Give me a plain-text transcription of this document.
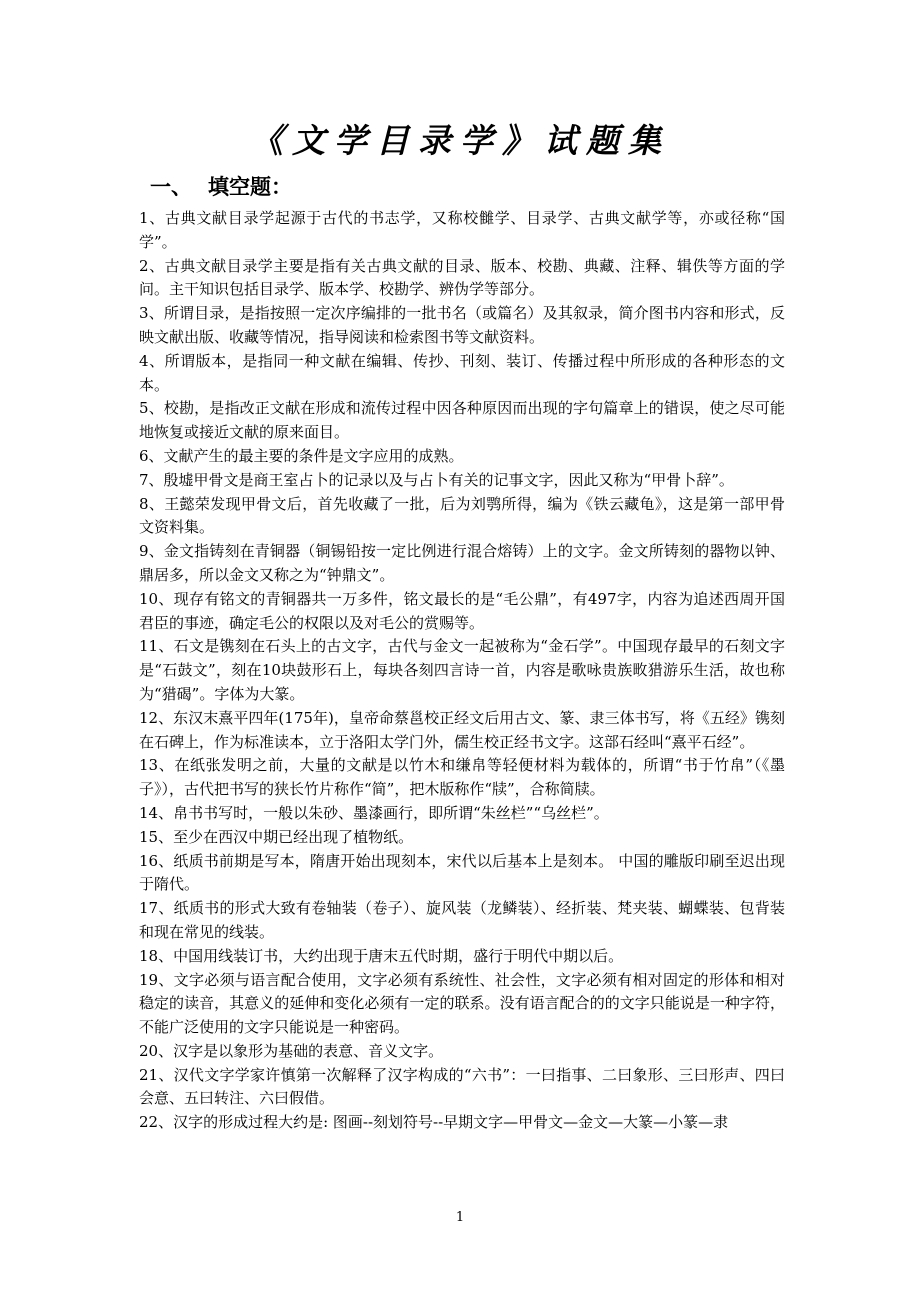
《文学目录学》试题集
一、 填空题：

1、古典文献目录学起源于古代的书志学，又称校雠学、目录学、古典文献学等，亦或径称“国学”。

2、古典文献目录学主要是指有关古典文献的目录、版本、校勘、典藏、注释、辑佚等方面的学问。主干知识包括目录学、版本学、校勘学、辨伪学等部分。

3、所谓目录，是指按照一定次序编排的一批书名（或篇名）及其叙录，简介图书内容和形式，反映文献出版、收藏等情况，指导阅读和检索图书等文献资料。

4、所谓版本，是指同一种文献在编辑、传抄、刊刻、装订、传播过程中所形成的各种形态的文本。

5、校勘，是指改正文献在形成和流传过程中因各种原因而出现的字句篇章上的错误，使之尽可能地恢复或接近文献的原来面目。

6、文献产生的最主要的条件是文字应用的成熟。

7、殷墟甲骨文是商王室占卜的记录以及与占卜有关的记事文字，因此又称为“甲骨卜辞”。

8、王懿荣发现甲骨文后，首先收藏了一批，后为刘鹗所得，编为《铁云藏龟》，这是第一部甲骨文资料集。

9、金文指铸刻在青铜器（铜锡铅按一定比例进行混合熔铸）上的文字。金文所铸刻的器物以钟、鼎居多，所以金文又称之为“钟鼎文”。

10、现存有铭文的青铜器共一万多件，铭文最长的是“毛公鼎”，有497字，内容为追述西周开国君臣的事迹，确定毛公的权限以及对毛公的赏赐等。

11、石文是镌刻在石头上的古文字，古代与金文一起被称为“金石学”。中国现存最早的石刻文字是“石鼓文”，刻在10块鼓形石上，每块各刻四言诗一首，内容是歌咏贵族畋猎游乐生活，故也称为“猎碣”。字体为大篆。

12、东汉末熹平四年(175年)，皇帝命蔡邕校正经文后用古文、篆、隶三体书写，将《五经》镌刻在石碑上，作为标准读本，立于洛阳太学门外，儒生校正经书文字。这部石经叫“熹平石经”。

13、在纸张发明之前，大量的文献是以竹木和缣帛等轻便材料为载体的，所谓“书于竹帛”（《墨子》），古代把书写的狭长竹片称作“简”，把木版称作“牍”，合称简牍。

14、帛书书写时，一般以朱砂、墨漆画行，即所谓“朱丝栏”“乌丝栏”。

15、至少在西汉中期已经出现了植物纸。

16、纸质书前期是写本，隋唐开始出现刻本，宋代以后基本上是刻本。 中国的雕版印刷至迟出现于隋代。

17、纸质书的形式大致有卷轴装（卷子）、旋风装（龙鳞装）、经折装、梵夹装、蝴蝶装、包背装和现在常见的线装。

18、中国用线装订书，大约出现于唐末五代时期，盛行于明代中期以后。

19、文字必须与语言配合使用，文字必须有系统性、社会性，文字必须有相对固定的形体和相对稳定的读音，其意义的延伸和变化必须有一定的联系。没有语言配合的的文字只能说是一种字符，不能广泛使用的文字只能说是一种密码。

20、汉字是以象形为基础的表意、音义文字。

21、汉代文字学家许慎第一次解释了汉字构成的“六书”：一曰指事、二曰象形、三曰形声、四曰会意、五曰转注、六曰假借。

22、汉字的形成过程大约是: 图画--刻划符号--早期文字—甲骨文—金文—大篆—小篆—隶

1
